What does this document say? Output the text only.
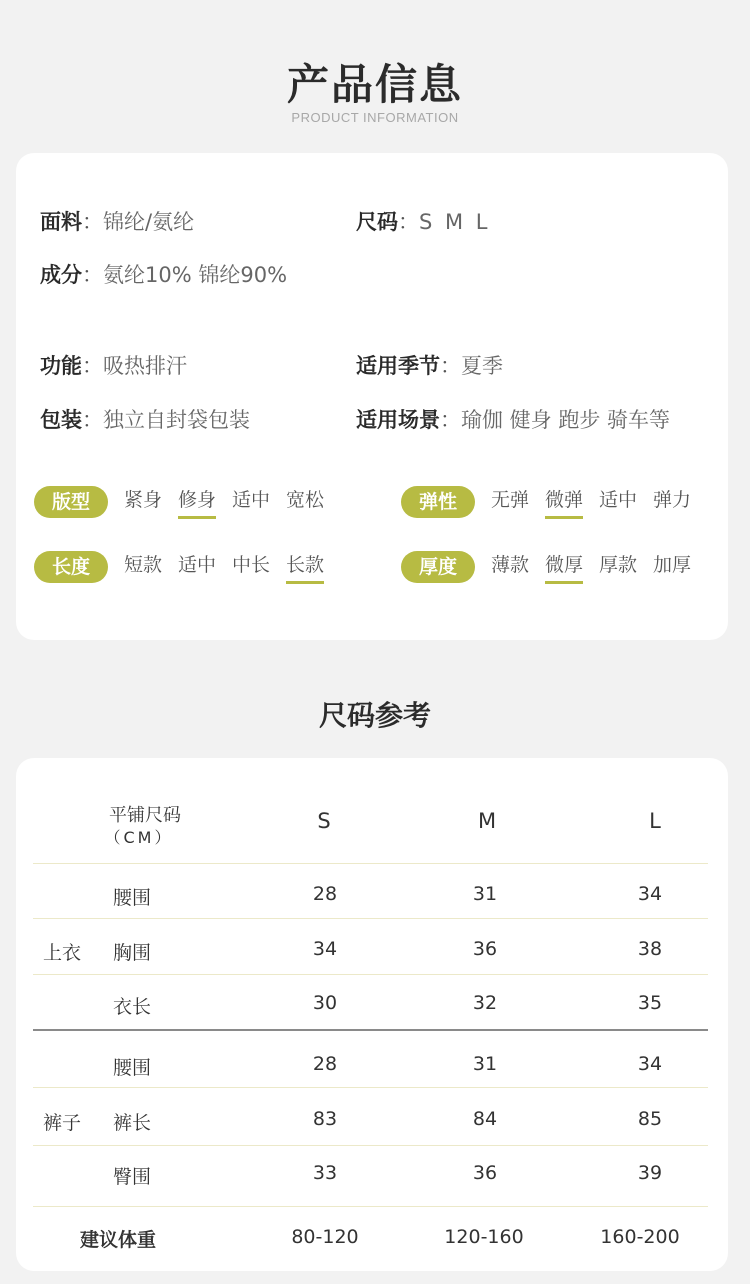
产品信息
PRODUCT INFORMATION
面料：锦纶/氨纶	尺码：S M L
成分：氨纶10% 锦纶90%
功能：吸热排汗	适用季节：夏季
包装：独立自封袋包装	适用场景：瑜伽 健身 跑步 骑车等
版型	紧身 修身 适中 宽松	弹性	无弹 微弹 适中 弹力
长度	短款 适中 中长 长款	厚度	薄款 微厚 厚款 加厚
尺码参考
平铺尺码
（CM）
S	M	L
上衣
腰围	28	31	34
胸围	34	36	38
衣长	30	32	35
裤子
腰围	28	31	34
裤长	83	84	85
臀围	33	36	39
建议体重	80-120	120-160	160-200
